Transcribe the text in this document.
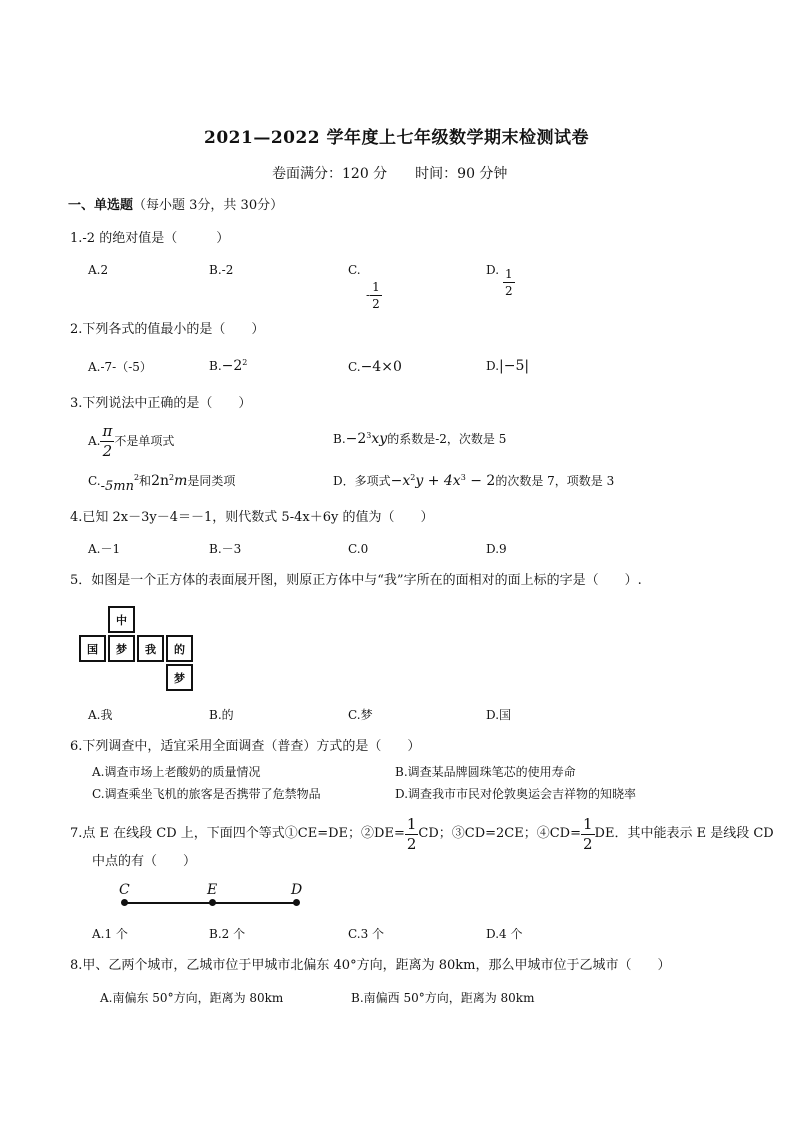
2021—2022 学年度上七年级数学期末检测试卷
卷面满分：120 分　　时间：90 分钟
一、单选题（每小题 3分，共 30分）
1.-2 的绝对值是（　　　）
A.2	B.-2	C.
- $\frac{1}{2}$
D. $\frac{1}{2}$
2.下列各式的值最小的是（　　）
A.-7-（-5）	$B.-2^2$	C.−4×0	D.|−5|
3.下列说法中正确的是（　　）
A. $\frac{\pi}{2}$ 不是单项式	$B.-2^3xy$的系数是-2，次数是 5
$C.-5mn^2$和$2n^2m$是同类项	D．多项式$-x^2y + 4x^3 - 2$的次数是 7，项数是 3
4.已知 2x－3y－4＝－1，则代数式 5-4x＋6y 的值为（　　）
A.－1	B.－3	C.0	D.9
5．如图是一个正方体的表面展开图，则原正方体中与“我”字所在的面相对的面上标的字是（　　）.
中
国	梦	我	的
梦
A.我	B.的	C.梦	D.国
6.下列调查中，适宜采用全面调查（普查）方式的是（　　）
A.调查市场上老酸奶的质量情况	B.调查某品牌圆珠笔芯的使用寿命
C.调查乘坐飞机的旅客是否携带了危禁物品	D.调查我市市民对伦敦奥运会吉祥物的知晓率
7.点 E 在线段 CD 上，下面四个等式①CE=DE；②DE= $\frac{1}{2}$ CD；③CD=2CE；④CD= $\frac{1}{2}$ DE．其中能表示 E 是线段 CD
中点的有（　　）
C	E	D
A.1 个	B.2 个	C.3 个	D.4 个
8.甲、乙两个城市，乙城市位于甲城市北偏东 40°方向，距离为 80km，那么甲城市位于乙城市（　　）
A.南偏东 50°方向，距离为 80km	B.南偏西 50°方向，距离为 80km
